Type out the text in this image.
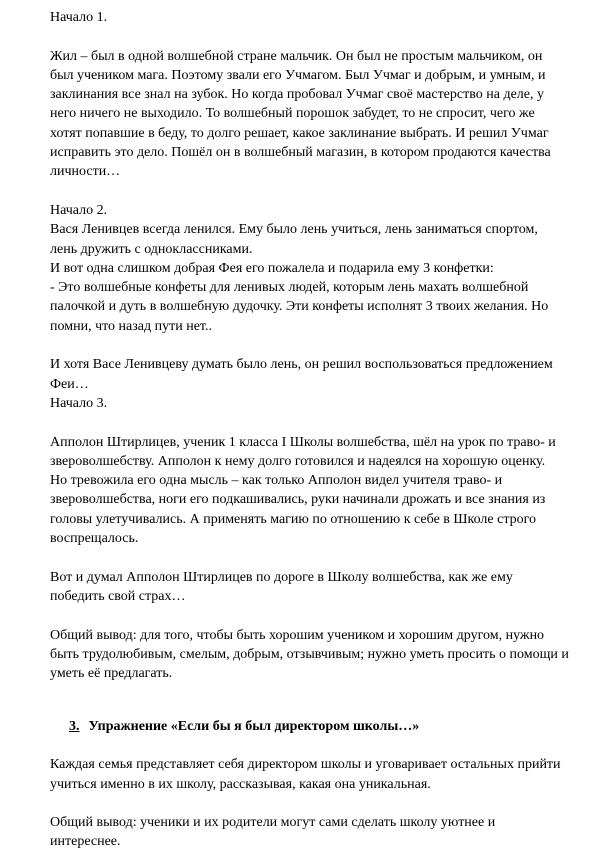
Начало 1.
Жил – был в одной волшебной стране мальчик. Он был не простым мальчиком, он
был учеником мага. Поэтому звали его Учмагом. Был Учмаг и добрым, и умным, и
заклинания все знал на зубок. Но когда пробовал Учмаг своё мастерство на деле, у
него ничего не выходило. То волшебный порошок забудет, то не спросит, чего же
хотят попавшие в беду, то долго решает, какое заклинание выбрать. И решил Учмаг
исправить это дело. Пошёл он в волшебный магазин, в котором продаются качества
личности…
Начало 2.
Вася Ленивцев всегда ленился. Ему было лень учиться, лень заниматься спортом,
лень дружить с одноклассниками.
И вот одна слишком добрая Фея его пожалела и подарила ему 3 конфетки:
- Это волшебные конфеты для ленивых людей, которым лень махать волшебной
палочкой и дуть в волшебную дудочку. Эти конфеты исполнят 3 твоих желания. Но
помни, что назад пути нет..
И хотя Васе Ленивцеву думать было лень, он решил воспользоваться предложением
Феи…
Начало 3.
Апполон Штирлицев, ученик 1 класса I Школы волшебства, шёл на урок по траво- и
звероволшебству. Апполон к нему долго готовился и надеялся на хорошую оценку.
Но тревожила его одна мысль – как только Апполон видел учителя траво- и
звероволшебства, ноги его подкашивались, руки начинали дрожать и все знания из
головы улетучивались. А применять магию по отношению к себе в Школе строго
воспрещалось.
Вот и думал Апполон Штирлицев по дороге в Школу волшебства, как же ему
победить свой страх…
Общий вывод: для того, чтобы быть хорошим учеником и хорошим другом, нужно
быть трудолюбивым, смелым, добрым, отзывчивым; нужно уметь просить о помощи и
уметь её предлагать.
3. Упражнение «Если бы я был директором школы…»
Каждая семья представляет себя директором школы и уговаривает остальных прийти
учиться именно в их школу, рассказывая, какая она уникальная.
Общий вывод: ученики и их родители могут сами сделать школу уютнее и
интереснее.
